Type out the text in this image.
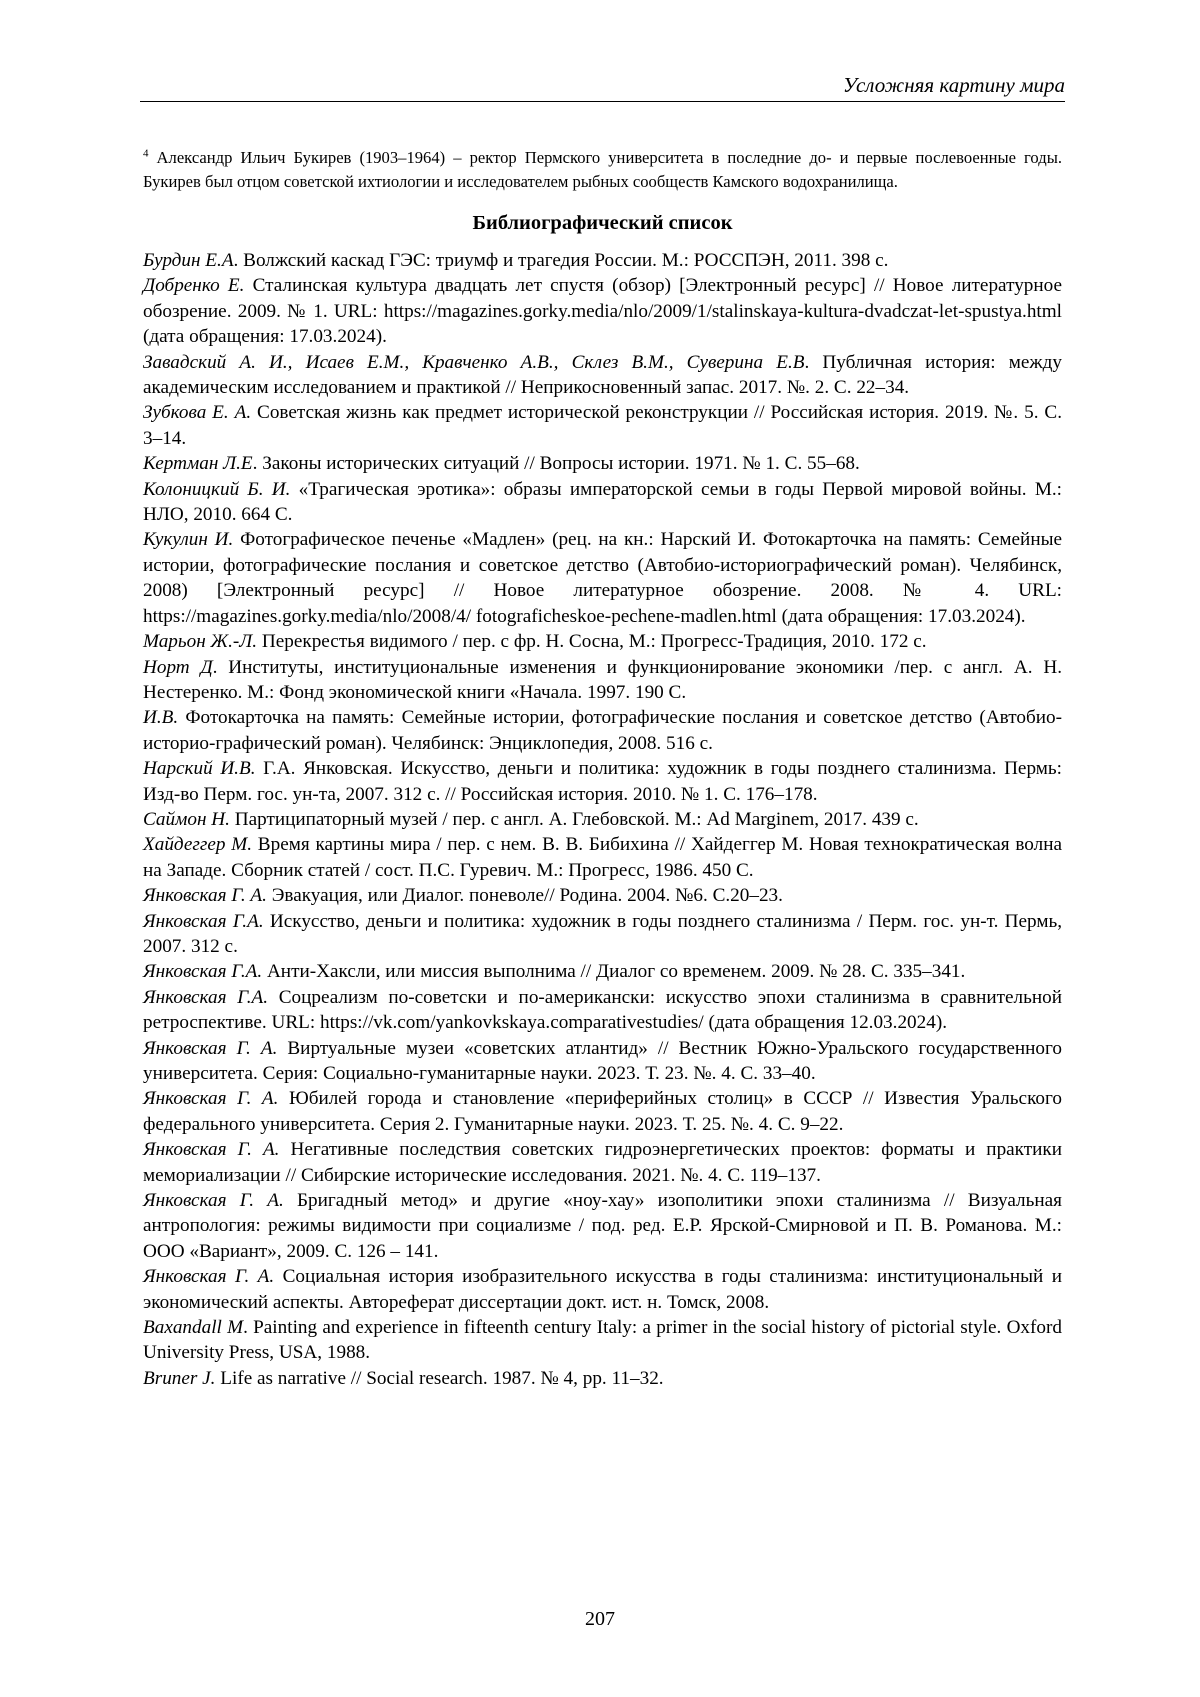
Усложняя картину мира

4 Александр Ильич Букирев (1903–1964) – ректор Пермского университета в последние до- и первые послевоенные годы. Букирев был отцом советской ихтиологии и исследователем рыбных сообществ Камского водохранилища.

Библиографический список

Бурдин Е.А. Волжский каскад ГЭС: триумф и трагедия России. М.: РОССПЭН, 2011. 398 с.

Добренко Е. Сталинская культура двадцать лет спустя (обзор) [Электронный ресурс] // Новое литературное обозрение. 2009. № 1. URL: https://magazines.gorky.media/nlo/2009/1/stalinskaya-kultura-dvadczat-let-spustya.html (дата обращения: 17.03.2024).

Завадский А. И., Исаев Е.М., Кравченко А.В., Склез В.М., Суверина Е.В. Публичная история: между академическим исследованием и практикой // Неприкосновенный запас. 2017. №. 2. С. 22–34.

Зубкова Е. А. Советская жизнь как предмет исторической реконструкции // Российская история. 2019. №. 5. С. 3–14.

Кертман Л.Е. Законы исторических ситуаций // Вопросы истории. 1971. № 1. С. 55–68.

Колоницкий Б. И. «Трагическая эротика»: образы императорской семьи в годы Первой мировой войны. М.: НЛО, 2010. 664 С.

Кукулин И. Фотографическое печенье «Мадлен» (рец. на кн.: Нарский И. Фотокарточка на память: Семейные истории, фотографические послания и советское детство (Автобио-историографический роман). Челябинск, 2008) [Электронный ресурс] // Новое литературное обозрение. 2008. № 4. URL: https://magazines.gorky.media/nlo/2008/4/ fotograficheskoe-pechene-madlen.html (дата обращения: 17.03.2024).

Марьон Ж.-Л. Перекрестья видимого / пер. с фр. Н. Сосна, М.: Прогресс-Традиция, 2010. 172 с.

Норт Д. Институты, институциональные изменения и функционирование экономики /пер. с англ. А. Н. Нестеренко. М.: Фонд экономической книги «Начала. 1997. 190 С.

И.В. Фотокарточка на память: Семейные истории, фотографические послания и советское детство (Автобио-историо-графический роман). Челябинск: Энциклопедия, 2008. 516 с.

Нарский И.В. Г.А. Янковская. Искусство, деньги и политика: художник в годы позднего сталинизма. Пермь: Изд-во Перм. гос. ун-та, 2007. 312 с. // Российская история. 2010. № 1. С. 176–178.

Саймон Н. Партиципаторный музей / пер. с англ. А. Глебовской. М.: Ad Marginem, 2017. 439 с.

Хайдеггер М. Время картины мира / пер. с нем. В. В. Бибихина // Хайдеггер М. Новая технократическая волна на Западе. Сборник статей / сост. П.С. Гуревич. М.: Прогресс, 1986. 450 С.

Янковская Г. А. Эвакуация, или Диалог. поневоле// Родина. 2004. №6. С.20–23.

Янковская Г.А. Искусство, деньги и политика: художник в годы позднего сталинизма / Перм. гос. ун-т. Пермь, 2007. 312 с.

Янковская Г.А. Анти-Хаксли, или миссия выполнима // Диалог со временем. 2009. № 28. С. 335–341.

Янковская Г.А. Соцреализм по-советски и по-американски: искусство эпохи сталинизма в сравнительной ретроспективе. URL: https://vk.com/yankovkskaya.comparativestudies/ (дата обращения 12.03.2024).

Янковская Г. А. Виртуальные музеи «советских атлантид» // Вестник Южно-Уральского государственного университета. Серия: Социально-гуманитарные науки. 2023. Т. 23. №. 4. С. 33–40.

Янковская Г. А. Юбилей города и становление «периферийных столиц» в СССР // Известия Уральского федерального университета. Серия 2. Гуманитарные науки. 2023. Т. 25. №. 4. С. 9–22.

Янковская Г. А. Негативные последствия советских гидроэнергетических проектов: форматы и практики мемориализации // Сибирские исторические исследования. 2021. №. 4. С. 119–137.

Янковская Г. А. Бригадный метод» и другие «ноу-хау» изополитики эпохи сталинизма // Визуальная антропология: режимы видимости при социализме / под. ред. Е.Р. Ярской-Смирновой и П. В. Романова. М.: ООО «Вариант», 2009. С. 126 – 141.

Янковская Г. А. Социальная история изобразительного искусства в годы сталинизма: институциональный и экономический аспекты. Автореферат диссертации докт. ист. н. Томск, 2008.

Baxandall M. Painting and experience in fifteenth century Italy: a primer in the social history of pictorial style. Oxford University Press, USA, 1988.

Bruner J. Life as narrative // Social research. 1987. № 4, pp. 11–32.

207
